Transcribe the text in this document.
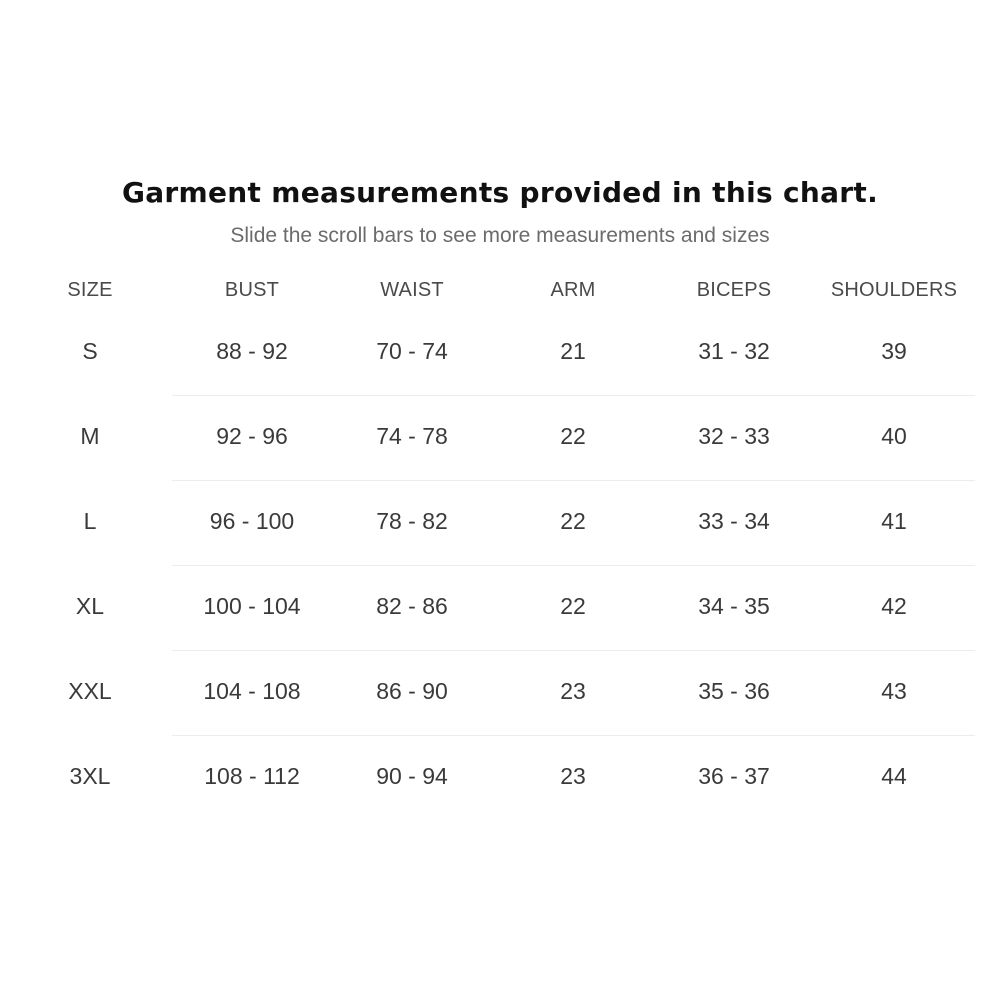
Garment measurements provided in this chart.
Slide the scroll bars to see more measurements and sizes
SIZE	BUST	WAIST	ARM	BICEPS	SHOULDERS
S	88 - 92	70 - 74	21	31 - 32	39
M	92 - 96	74 - 78	22	32 - 33	40
L	96 - 100	78 - 82	22	33 - 34	41
XL	100 - 104	82 - 86	22	34 - 35	42
XXL	104 - 108	86 - 90	23	35 - 36	43
3XL	108 - 112	90 - 94	23	36 - 37	44
